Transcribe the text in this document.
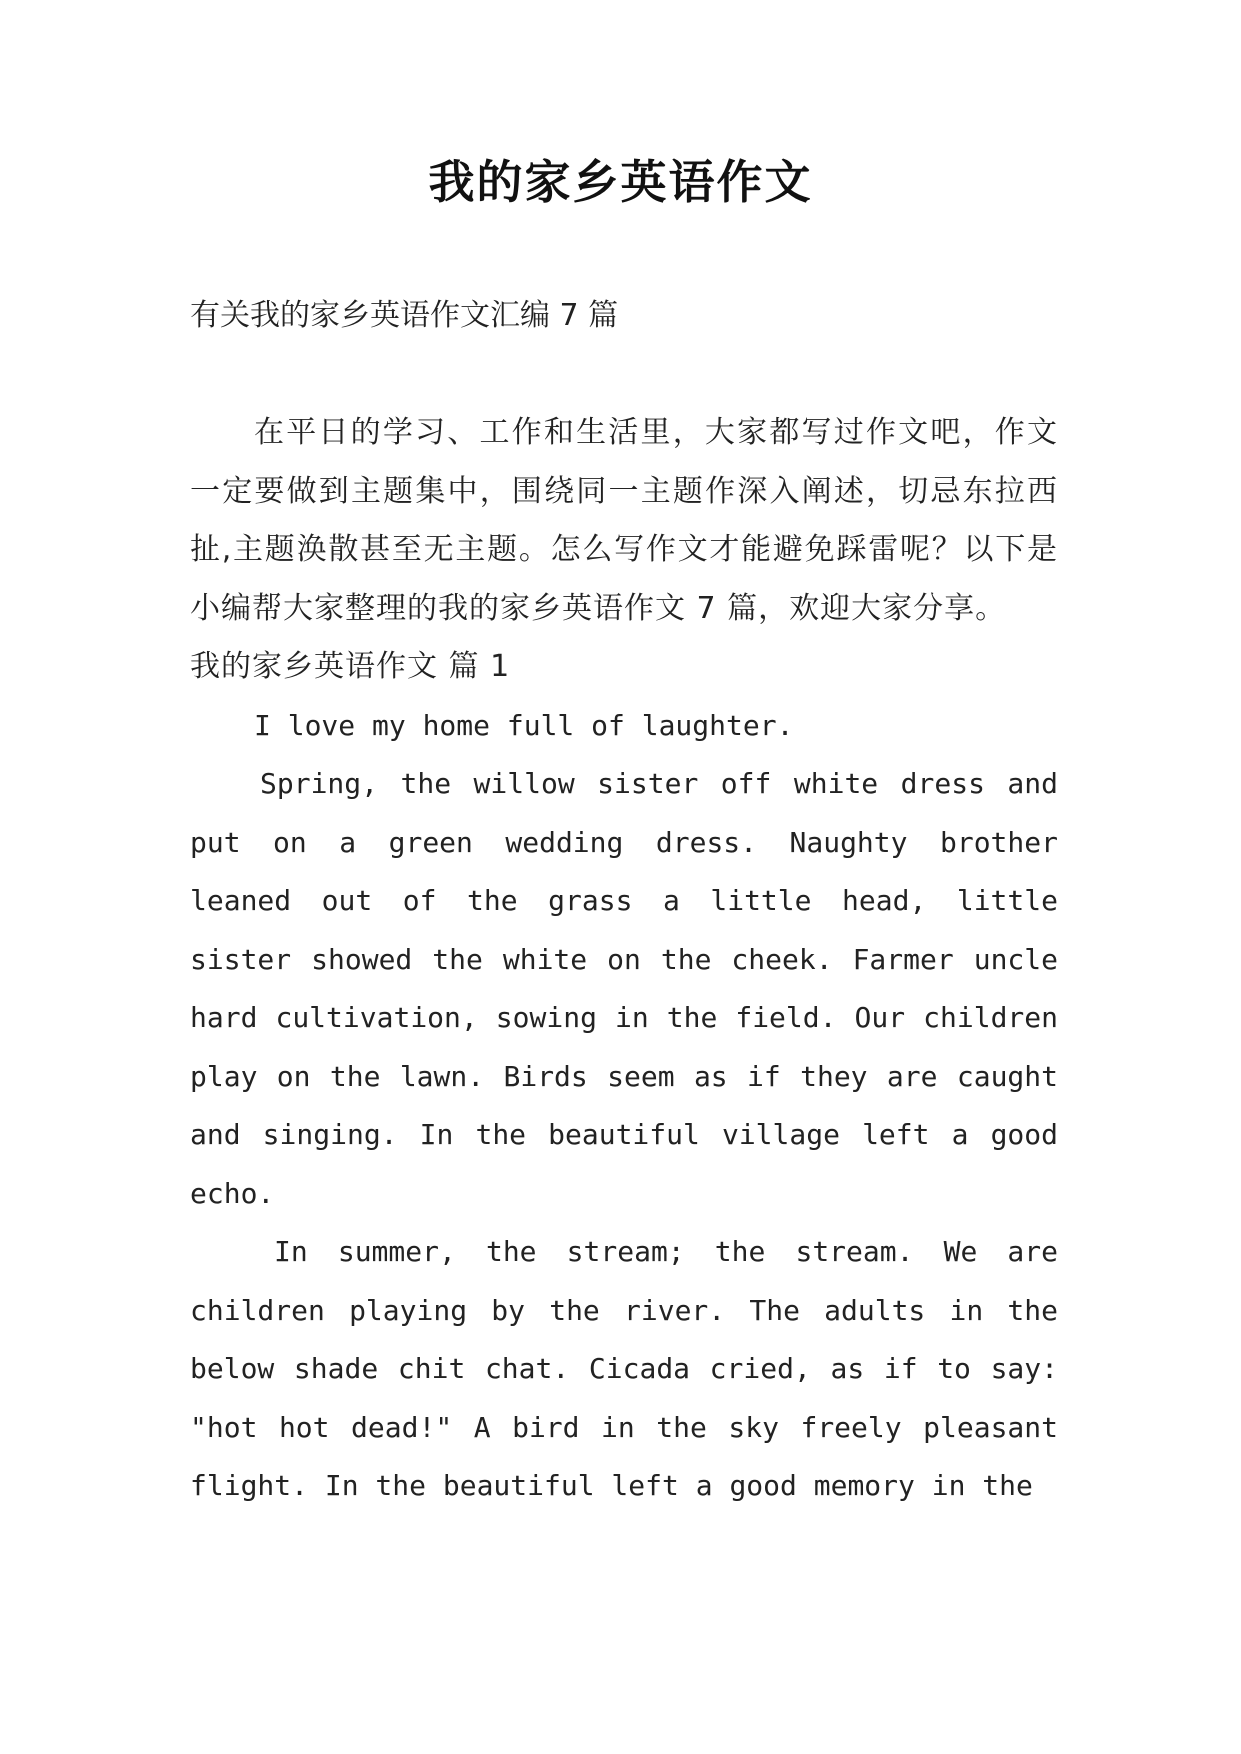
我的家乡英语作文
有关我的家乡英语作文汇编 7 篇

在平日的学习、工作和生活里，大家都写过作文吧，作文一定要做到主题集中，围绕同一主题作深入阐述，切忌东拉西扯,主题涣散甚至无主题。怎么写作文才能避免踩雷呢？以下是小编帮大家整理的我的家乡英语作文 7 篇，欢迎大家分享。

我的家乡英语作文 篇 1

I love my home full of laughter.

Spring, the willow sister off white dress and put on a green wedding dress. Naughty brother leaned out of the grass a little head, little sister showed the white on the cheek. Farmer uncle hard cultivation, sowing in the field. Our children play on the lawn. Birds seem as if they are caught and singing. In the beautiful village left a good echo.

In summer, the stream; the stream. We are children playing by the river. The adults in the below shade chit chat. Cicada cried, as if to say: "hot hot dead!" A bird in the sky freely pleasant flight. In the beautiful left a good memory in the
